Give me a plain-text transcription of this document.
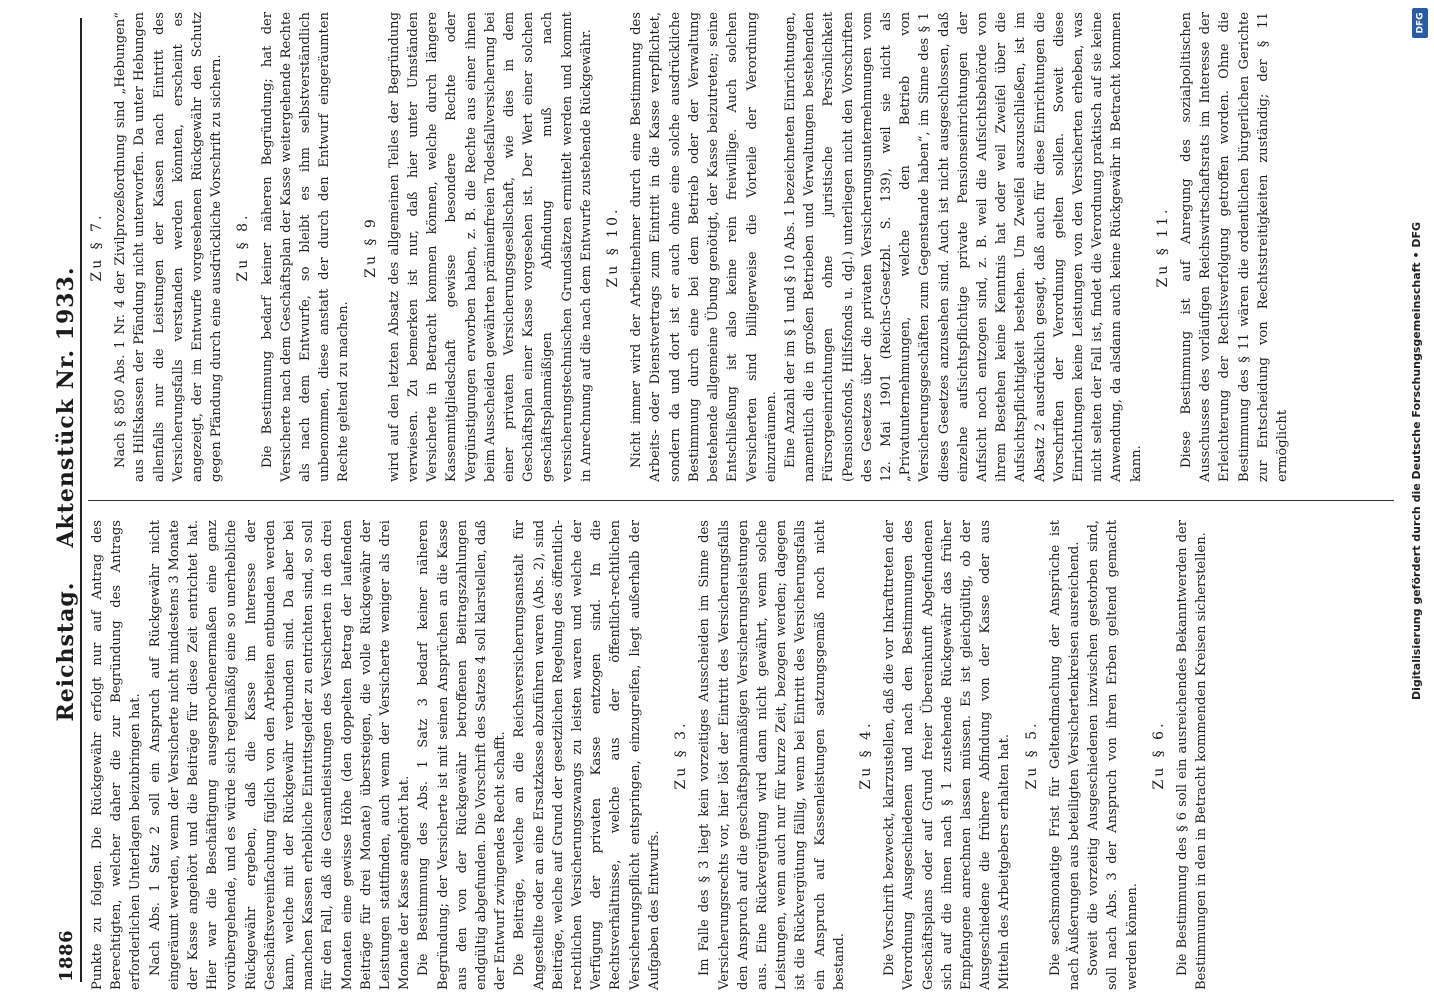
1886
Reichstag.
Aktenstück Nr. 1933.

Punkte zu folgen. Die Rückgewähr erfolgt nur auf Antrag des Berechtigten, welcher daher die zur Begründung des Antrags erforderlichen Unterlagen beizubringen hat. Nach Abs. 1 Satz 2 soll ein Anspruch auf Rückgewähr nicht eingeräumt werden, wenn der Versicherte nicht mindestens 3 Monate der Kasse angehört und die Beiträge für diese Zeit entrichtet hat. Hier war die Beschäftigung ausgesprochenermaßen eine ganz vorübergehende, und es würde sich regelmäßig eine so unerhebliche Rückgewähr ergeben, daß die Kasse im Interesse der Geschäftsvereinfachung füglich von den Arbeiten entbunden werden kann, welche mit der Rückgewähr verbunden sind. Da aber bei manchen Kassen erhebliche Eintrittsgelder zu entrichten sind, so soll für den Fall, daß die Gesamtleistungen des Versicherten in den drei Monaten eine gewisse Höhe (den doppelten Betrag der laufenden Beiträge für drei Monate) übersteigen, die volle Rückgewähr der Leistungen stattfinden, auch wenn der Versicherte weniger als drei Monate der Kasse angehört hat. Die Bestimmung des Abs. 1 Satz 3 bedarf keiner näheren Begründung; der Versicherte ist mit seinen Ansprüchen an die Kasse aus den von der Rückgewähr betroffenen Beitragszahlungen endgültig abgefunden. Die Vorschrift des Satzes 4 soll klarstellen, daß der Entwurf zwingendes Recht schafft. Die Beiträge, welche an die Reichsversicherungsanstalt für Angestellte oder an eine Ersatzkasse abzuführen waren (Abs. 2), sind Beiträge, welche auf Grund der gesetzlichen Regelung des öffentlich-rechtlichen Versicherungszwangs zu leisten waren und welche der Verfügung der privaten Kasse entzogen sind. In die Rechtsverhältnisse, welche aus der öffentlich-rechtlichen Versicherungspflicht entspringen, einzugreifen, liegt außerhalb der Aufgaben des Entwurfs.

Zu § 3. Im Falle des § 3 liegt kein vorzeitiges Ausscheiden im Sinne des Versicherungsrechts vor, hier löst der Eintritt des Versicherungsfalls den Anspruch auf die geschäftsplanmäßigen Versicherungsleistungen aus. Eine Rückvergütung wird dann nicht gewährt, wenn solche Leistungen, wenn auch nur für kurze Zeit, bezogen werden; dagegen ist die Rückvergütung fällig, wenn bei Eintritt des Versicherungsfalls ein Anspruch auf Kassenleistungen satzungsgemäß noch nicht bestand.

Zu § 4. Die Vorschrift bezweckt, klarzustellen, daß die vor Inkrafttreten der Verordnung Ausgeschiedenen und nach den Bestimmungen des Geschäftsplans oder auf Grund freier Übereinkunft Abgefundenen sich auf die ihnen nach § 1 zustehende Rückgewähr das früher Empfangene anrechnen lassen müssen. Es ist gleichgültig, ob der Ausgeschiedene die frühere Abfindung von der Kasse oder aus Mitteln des Arbeitgebers erhalten hat. Zu § 5. Die sechsmonatige Frist für Geltendmachung der Ansprüche ist nach Äußerungen aus beteiligten Versichertenkreisen ausreichend. Soweit die vorzeitig Ausgeschiedenen inzwischen gestorben sind, soll nach Abs. 3 der Anspruch von ihren Erben geltend gemacht werden können.

Zu § 6. Die Bestimmung des § 6 soll ein ausreichendes Bekanntwerden der Bestimmungen in den in Betracht kommenden Kreisen sicherstellen.

Zu § 7. Nach § 850 Abs. 1 Nr. 4 der Zivilprozeßordnung sind „Hebungen“ aus Hilfskassen der Pfändung nicht unterworfen. Da unter Hebungen allenfalls nur die Leistungen der Kassen nach Eintritt des Versicherungsfalls verstanden werden könnten, erscheint es angezeigt, der im Entwurfe vorgesehenen Rückgewähr den Schutz gegen Pfändung durch eine ausdrückliche Vorschrift zu sichern. Zu § 8. Die Bestimmung bedarf keiner näheren Begründung; hat der Versicherte nach dem Geschäftsplan der Kasse weitergehende Rechte als nach dem Entwurfe, so bleibt es ihm selbstverständlich unbenommen, diese anstatt der durch den Entwurf eingeräumten Rechte geltend zu machen.

Zu § 9 wird auf den letzten Absatz des allgemeinen Teiles der Begründung verwiesen. Zu bemerken ist nur, daß hier unter Umständen Versicherte in Betracht kommen können, welche durch längere Kassenmitgliedschaft gewisse besondere Rechte oder Vergünstigungen erworben haben, z. B. die Rechte aus einer ihnen beim Ausscheiden gewährten prämienfreien Todesfallversicherung bei einer privaten Versicherungsgesellschaft, wie dies in dem Geschäftsplan einer Kasse vorgesehen ist. Der Wert einer solchen geschäftsplanmäßigen Abfindung muß nach versicherungstechnischen Grundsätzen ermittelt werden und kommt in Anrechnung auf die nach dem Entwurfe zustehende Rückgewähr. Zu § 10. Nicht immer wird der Arbeitnehmer durch eine Bestimmung des Arbeits- oder Dienstvertrags zum Eintritt in die Kasse verpflichtet, sondern da und dort ist er auch ohne eine solche ausdrückliche Bestimmung durch eine bei dem Betrieb oder der Verwaltung bestehende allgemeine Übung genötigt, der Kasse beizutreten; seine Entschließung ist also keine rein freiwillige. Auch solchen Versicherten sind billigerweise die Vorteile der Verordnung einzuräumen. Eine Anzahl der im § 1 und § 10 Abs. 1 bezeichneten Einrichtungen, namentlich die in großen Betrieben und Verwaltungen bestehenden Fürsorgeeinrichtungen ohne juristische Persönlichkeit (Pensionsfonds, Hilfsfonds u. dgl.) unterliegen nicht den Vorschriften des Gesetzes über die privaten Versicherungsunternehmungen vom 12. Mai 1901 (Reichs-Gesetzbl. S. 139), weil sie nicht als „Privatunternehmungen, welche den Betrieb von Versicherungsgeschäften zum Gegenstande haben“, im Sinne des § 1 dieses Gesetzes anzusehen sind. Auch ist nicht ausgeschlossen, daß einzelne aufsichtspflichtige private Pensionseinrichtungen der Aufsicht noch entzogen sind, z. B. weil die Aufsichtsbehörde von ihrem Bestehen keine Kenntnis hat oder weil Zweifel über die Aufsichtspflichtigkeit bestehen. Um Zweifel auszuschließen, ist im Absatz 2 ausdrücklich gesagt, daß auch für diese Einrichtungen die Vorschriften der Verordnung gelten sollen. Soweit diese Einrichtungen keine Leistungen von den Versicherten erheben, was nicht selten der Fall ist, findet die Verordnung praktisch auf sie keine Anwendung, da alsdann auch keine Rückgewähr in Betracht kommen kann.

Zu § 11. Diese Bestimmung ist auf Anregung des sozialpolitischen Ausschusses des vorläufigen Reichswirtschaftsrats im Interesse der Erleichterung der Rechtsverfolgung getroffen worden. Ohne die Bestimmung des § 11 wären die ordentlichen bürgerlichen Gerichte zur Entscheidung von Rechtsstreitigkeiten zuständig; der § 11 ermöglicht

DFG
Digitalisierung gefördert durch die Deutsche Forschungsgemeinschaft • DFG
